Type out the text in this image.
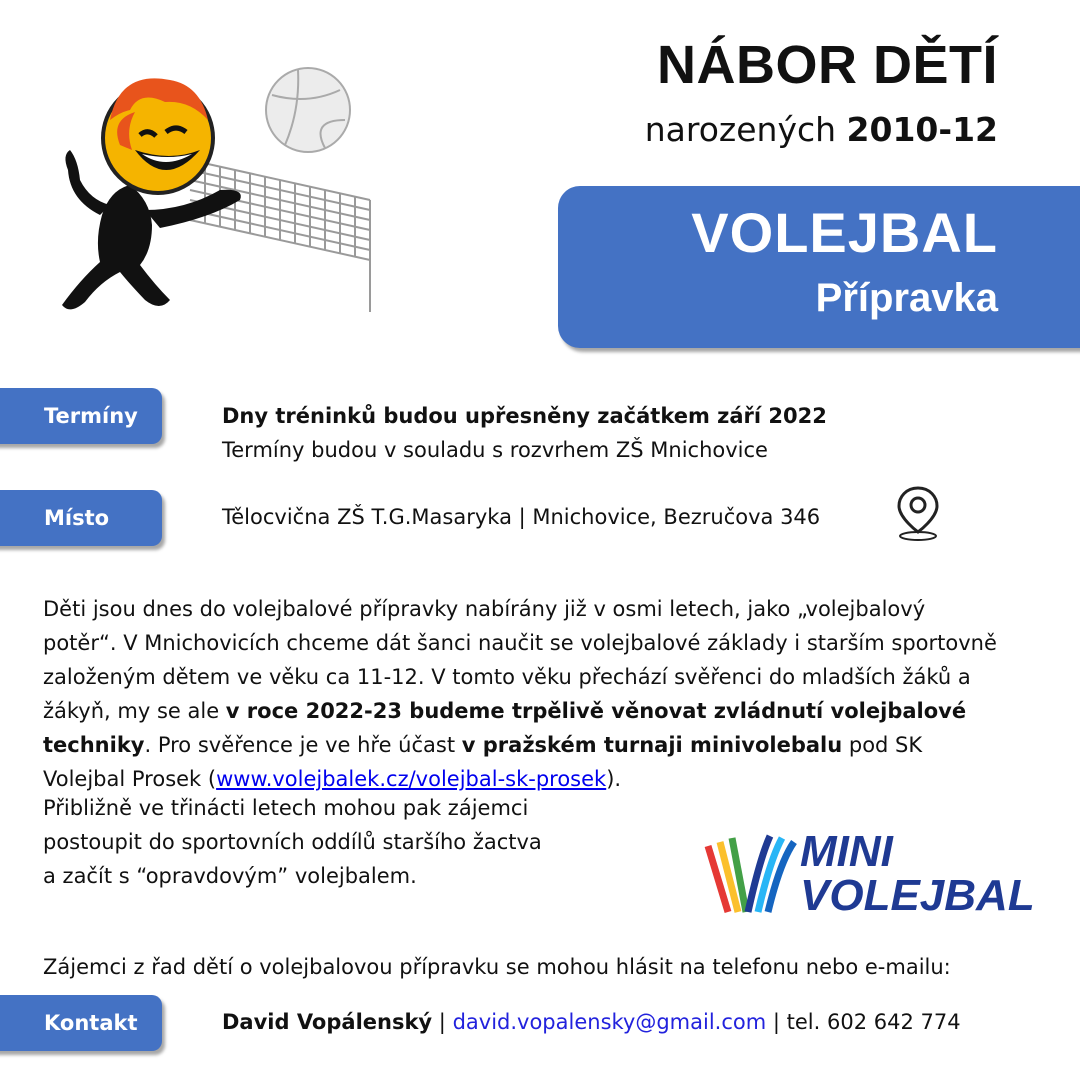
NÁBOR DĚTÍ
narozených 2010-12
VOLEJBAL
Přípravka
Termíny	Dny tréninků budou upřesněny začátkem září 2022
Termíny budou v souladu s rozvrhem ZŠ Mnichovice
Místo	Tělocvična ZŠ T.G.Masaryka | Mnichovice, Bezručova 346
Děti jsou dnes do volejbalové přípravky nabírány již v osmi letech, jako „volejbalový potěr“. V Mnichovicích chceme dát šanci naučit se volejbalové základy i starším sportovně založeným dětem ve věku ca 11-12. V tomto věku přechází svěřenci do mladších žáků a žákyň, my se ale v roce 2022-23 budeme trpělivě věnovat zvládnutí volejbalové techniky. Pro svěřence je ve hře účast v pražském turnaji minivolebalu pod SK Volejbal Prosek (www.volejbalek.cz/volejbal-sk-prosek).
Přibližně ve třinácti letech mohou pak zájemci
postoupit do sportovních oddílů staršího žactva
a začít s “opravdovým” volejbalem.	MINI
VOLEJBAL
Zájemci z řad dětí o volejbalovou přípravku se mohou hlásit na telefonu nebo e-mailu:
Kontakt	David Vopálenský | david.vopalensky@gmail.com | tel. 602 642 774
